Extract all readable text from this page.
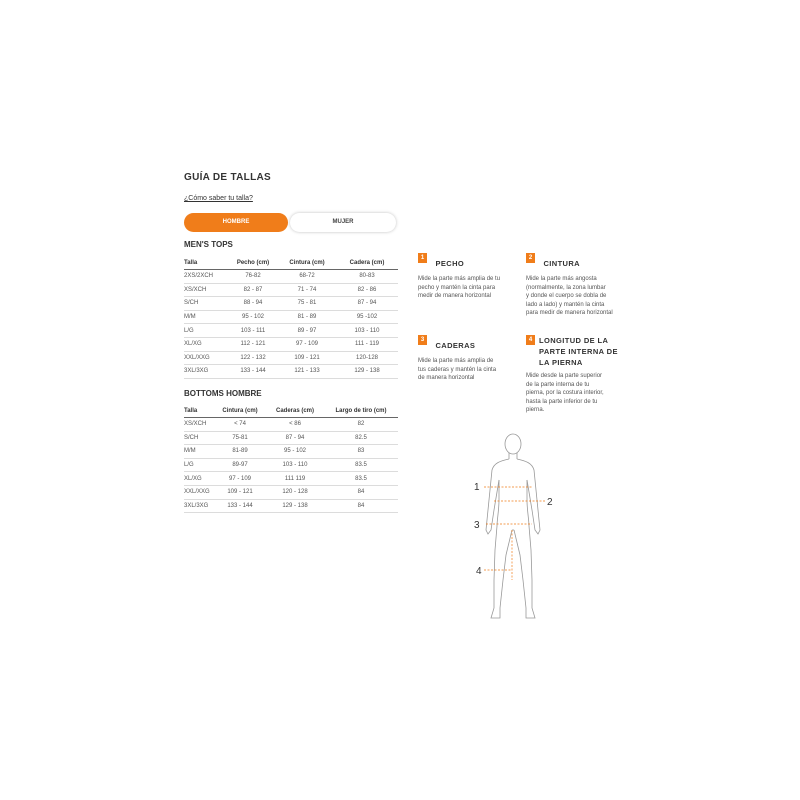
GUÍA DE TALLAS
¿Cómo saber tu talla?
HOMBRE	MUJER
MEN'S TOPS
Talla	Pecho (cm)	Cintura (cm)	Cadera (cm)
2XS/2XCH	76-82	68-72	80-83
XS/XCH	82 - 87	71 - 74	82 - 86
S/CH	88 - 94	75 - 81	87 - 94
M/M	95 - 102	81 - 89	95 -102
L/G	103 - 111	89 - 97	103 - 110
XL/XG	112 - 121	97 - 109	111 - 119
XXL/XXG	122 - 132	109 - 121	120-128
3XL/3XG	133 - 144	121 - 133	129 - 138
BOTTOMS HOMBRE
Talla	Cintura (cm)	Caderas (cm)	Largo de tiro (cm)
XS/XCH	< 74	< 86	82
S/CH	75-81	87 - 94	82.5
M/M	81-89	95 - 102	83
L/G	89-97	103 - 110	83.5
XL/XG	97 - 109	111 119	83.5
XXL/XXG	109 - 121	120 - 128	84
3XL/3XG	133 - 144	129 - 138	84
1 PECHO
Mide la parte más amplia de tu
pecho y mantén la cinta para
medir de manera horizontal
2 CINTURA
Mide la parte más angosta
(normalmente, la zona lumbar
y donde el cuerpo se dobla de
lado a lado) y mantén la cinta
para medir de manera horizontal
3 CADERAS
Mide la parte más amplia de
tus caderas y mantén la cinta
de manera horizontal
4 LONGITUD DE LA
PARTE INTERNA DE
LA PIERNA
Mide desde la parte superior
de la parte interna de tu
pierna, por la costura interior,
hasta la parte inferior de tu
pierna.
1
2
3
4
